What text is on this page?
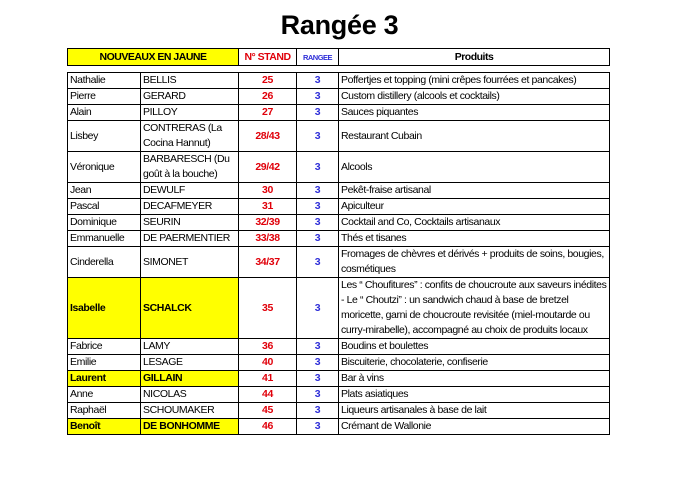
Rangée 3
NOUVEAUX EN JAUNE	N° STAND	RANGEE	Produits
Nathalie	BELLIS	25	3	Poffertjes et topping (mini crêpes fourrées et pancakes)
Pierre	GERARD	26	3	Custom distillery (alcools et cocktails)
Alain	PILLOY	27	3	Sauces piquantes
Lisbey	CONTRERAS (La Cocina Hannut)	28/43	3	Restaurant Cubain
Véronique	BARBARESCH (Du goût à la bouche)	29/42	3	Alcools
Jean	DEWULF	30	3	Pekêt-fraise artisanal
Pascal	DECAFMEYER	31	3	Apiculteur
Dominique	SEURIN	32/39	3	Cocktail and Co, Cocktails artisanaux
Emmanuelle	DE PAERMENTIER	33/38	3	Thés et tisanes
Cinderella	SIMONET	34/37	3	Fromages de chèvres et dérivés + produits de soins, bougies, cosmétiques
Isabelle	SCHALCK	35	3	Les “ Choufitures” : confits de choucroute aux saveurs inédites - Le “ Choutzi” : un sandwich chaud à base de bretzel moricette, garni de choucroute revisitée (miel-moutarde ou curry-mirabelle), accompagné au choix de produits locaux
Fabrice	LAMY	36	3	Boudins et boulettes
Emilie	LESAGE	40	3	Biscuiterie, chocolaterie, confiserie
Laurent	GILLAIN	41	3	Bar à vins
Anne	NICOLAS	44	3	Plats asiatiques
Raphaël	SCHOUMAKER	45	3	Liqueurs artisanales à base de lait
Benoît	DE BONHOMME	46	3	Crémant de Wallonie
